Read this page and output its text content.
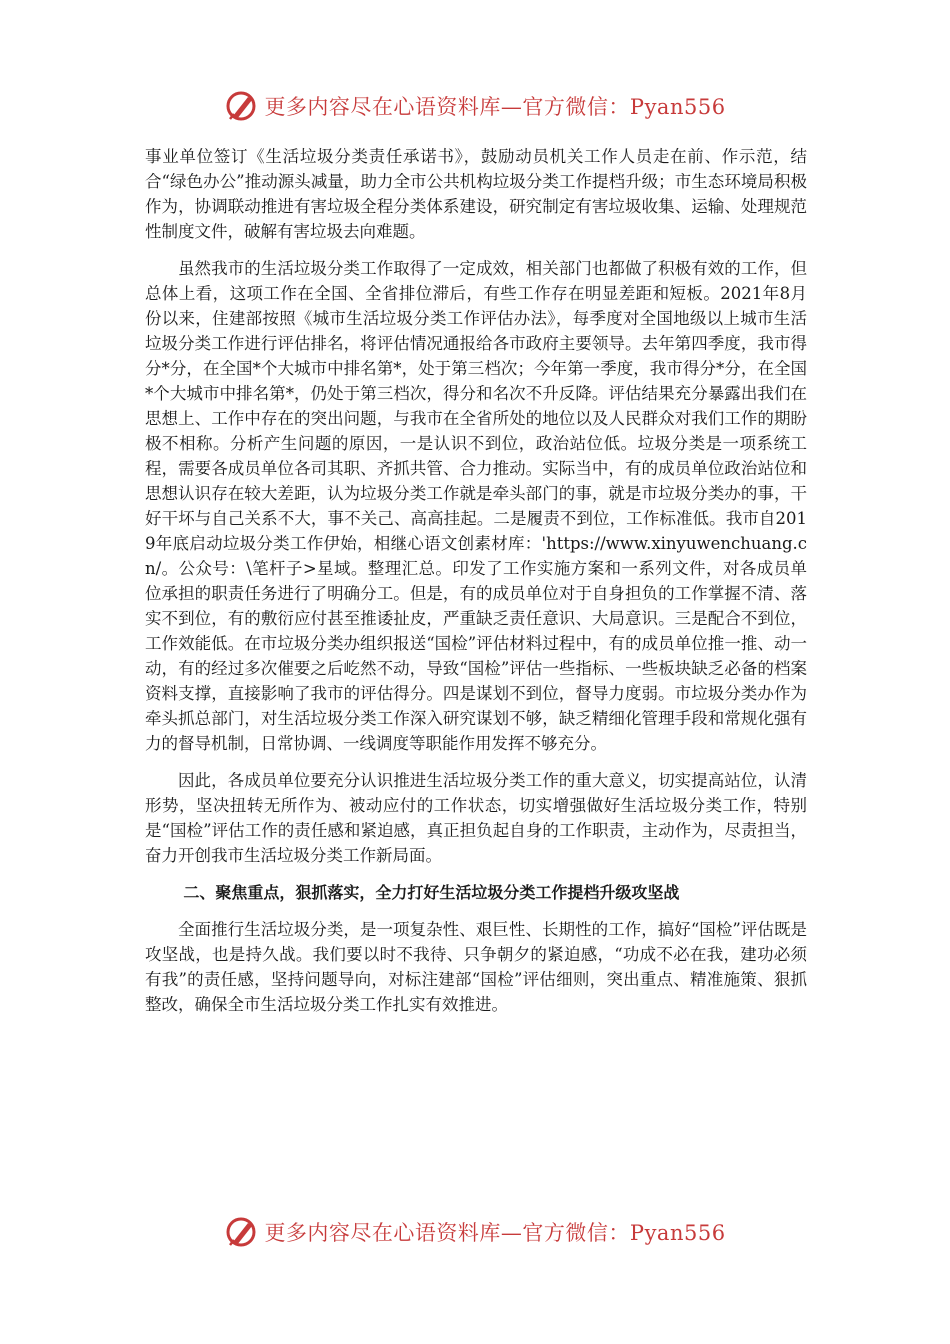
更多内容尽在心语资料库—官方微信：Pyan556

事业单位签订《生活垃圾分类责任承诺书》，鼓励动员机关工作人员走在前、作示范，结合“绿色办公”推动源头减量，助力全市公共机构垃圾分类工作提档升级；市生态环境局积极作为，协调联动推进有害垃圾全程分类体系建设，研究制定有害垃圾收集、运输、处理规范性制度文件，破解有害垃圾去向难题。

虽然我市的生活垃圾分类工作取得了一定成效，相关部门也都做了积极有效的工作，但总体上看，这项工作在全国、全省排位滞后，有些工作存在明显差距和短板。2021年8月份以来，住建部按照《城市生活垃圾分类工作评估办法》，每季度对全国地级以上城市生活垃圾分类工作进行评估排名，将评估情况通报给各市政府主要领导。去年第四季度，我市得分*分，在全国*个大城市中排名第*，处于第三档次；今年第一季度，我市得分*分，在全国*个大城市中排名第*，仍处于第三档次，得分和名次不升反降。评估结果充分暴露出我们在思想上、工作中存在的突出问题，与我市在全省所处的地位以及人民群众对我们工作的期盼极不相称。分析产生问题的原因，一是认识不到位，政治站位低。垃圾分类是一项系统工程，需要各成员单位各司其职、齐抓共管、合力推动。实际当中，有的成员单位政治站位和思想认识存在较大差距，认为垃圾分类工作就是牵头部门的事，就是市垃圾分类办的事，干好干坏与自己关系不大，事不关己、高高挂起。二是履责不到位，工作标准低。我市自2019年底启动垃圾分类工作伊始，相继心语文创素材库：'https://www.xinyuwenchuang.cn/。公众号：\笔杆子>星域。整理汇总。印发了工作实施方案和一系列文件，对各成员单位承担的职责任务进行了明确分工。但是，有的成员单位对于自身担负的工作掌握不清、落实不到位，有的敷衍应付甚至推诿扯皮，严重缺乏责任意识、大局意识。三是配合不到位，工作效能低。在市垃圾分类办组织报送“国检”评估材料过程中，有的成员单位推一推、动一动，有的经过多次催要之后屹然不动，导致“国检”评估一些指标、一些板块缺乏必备的档案资料支撑，直接影响了我市的评估得分。四是谋划不到位，督导力度弱。市垃圾分类办作为牵头抓总部门，对生活垃圾分类工作深入研究谋划不够，缺乏精细化管理手段和常规化强有力的督导机制，日常协调、一线调度等职能作用发挥不够充分。

因此，各成员单位要充分认识推进生活垃圾分类工作的重大意义，切实提高站位，认清形势，坚决扭转无所作为、被动应付的工作状态，切实增强做好生活垃圾分类工作，特别是“国检”评估工作的责任感和紧迫感，真正担负起自身的工作职责，主动作为，尽责担当，奋力开创我市生活垃圾分类工作新局面。

二、聚焦重点，狠抓落实，全力打好生活垃圾分类工作提档升级攻坚战

全面推行生活垃圾分类，是一项复杂性、艰巨性、长期性的工作，搞好“国检”评估既是攻坚战，也是持久战。我们要以时不我待、只争朝夕的紧迫感，“功成不必在我，建功必须有我”的责任感，坚持问题导向，对标注建部“国检”评估细则，突出重点、精准施策、狠抓整改，确保全市生活垃圾分类工作扎实有效推进。

更多内容尽在心语资料库—官方微信：Pyan556
